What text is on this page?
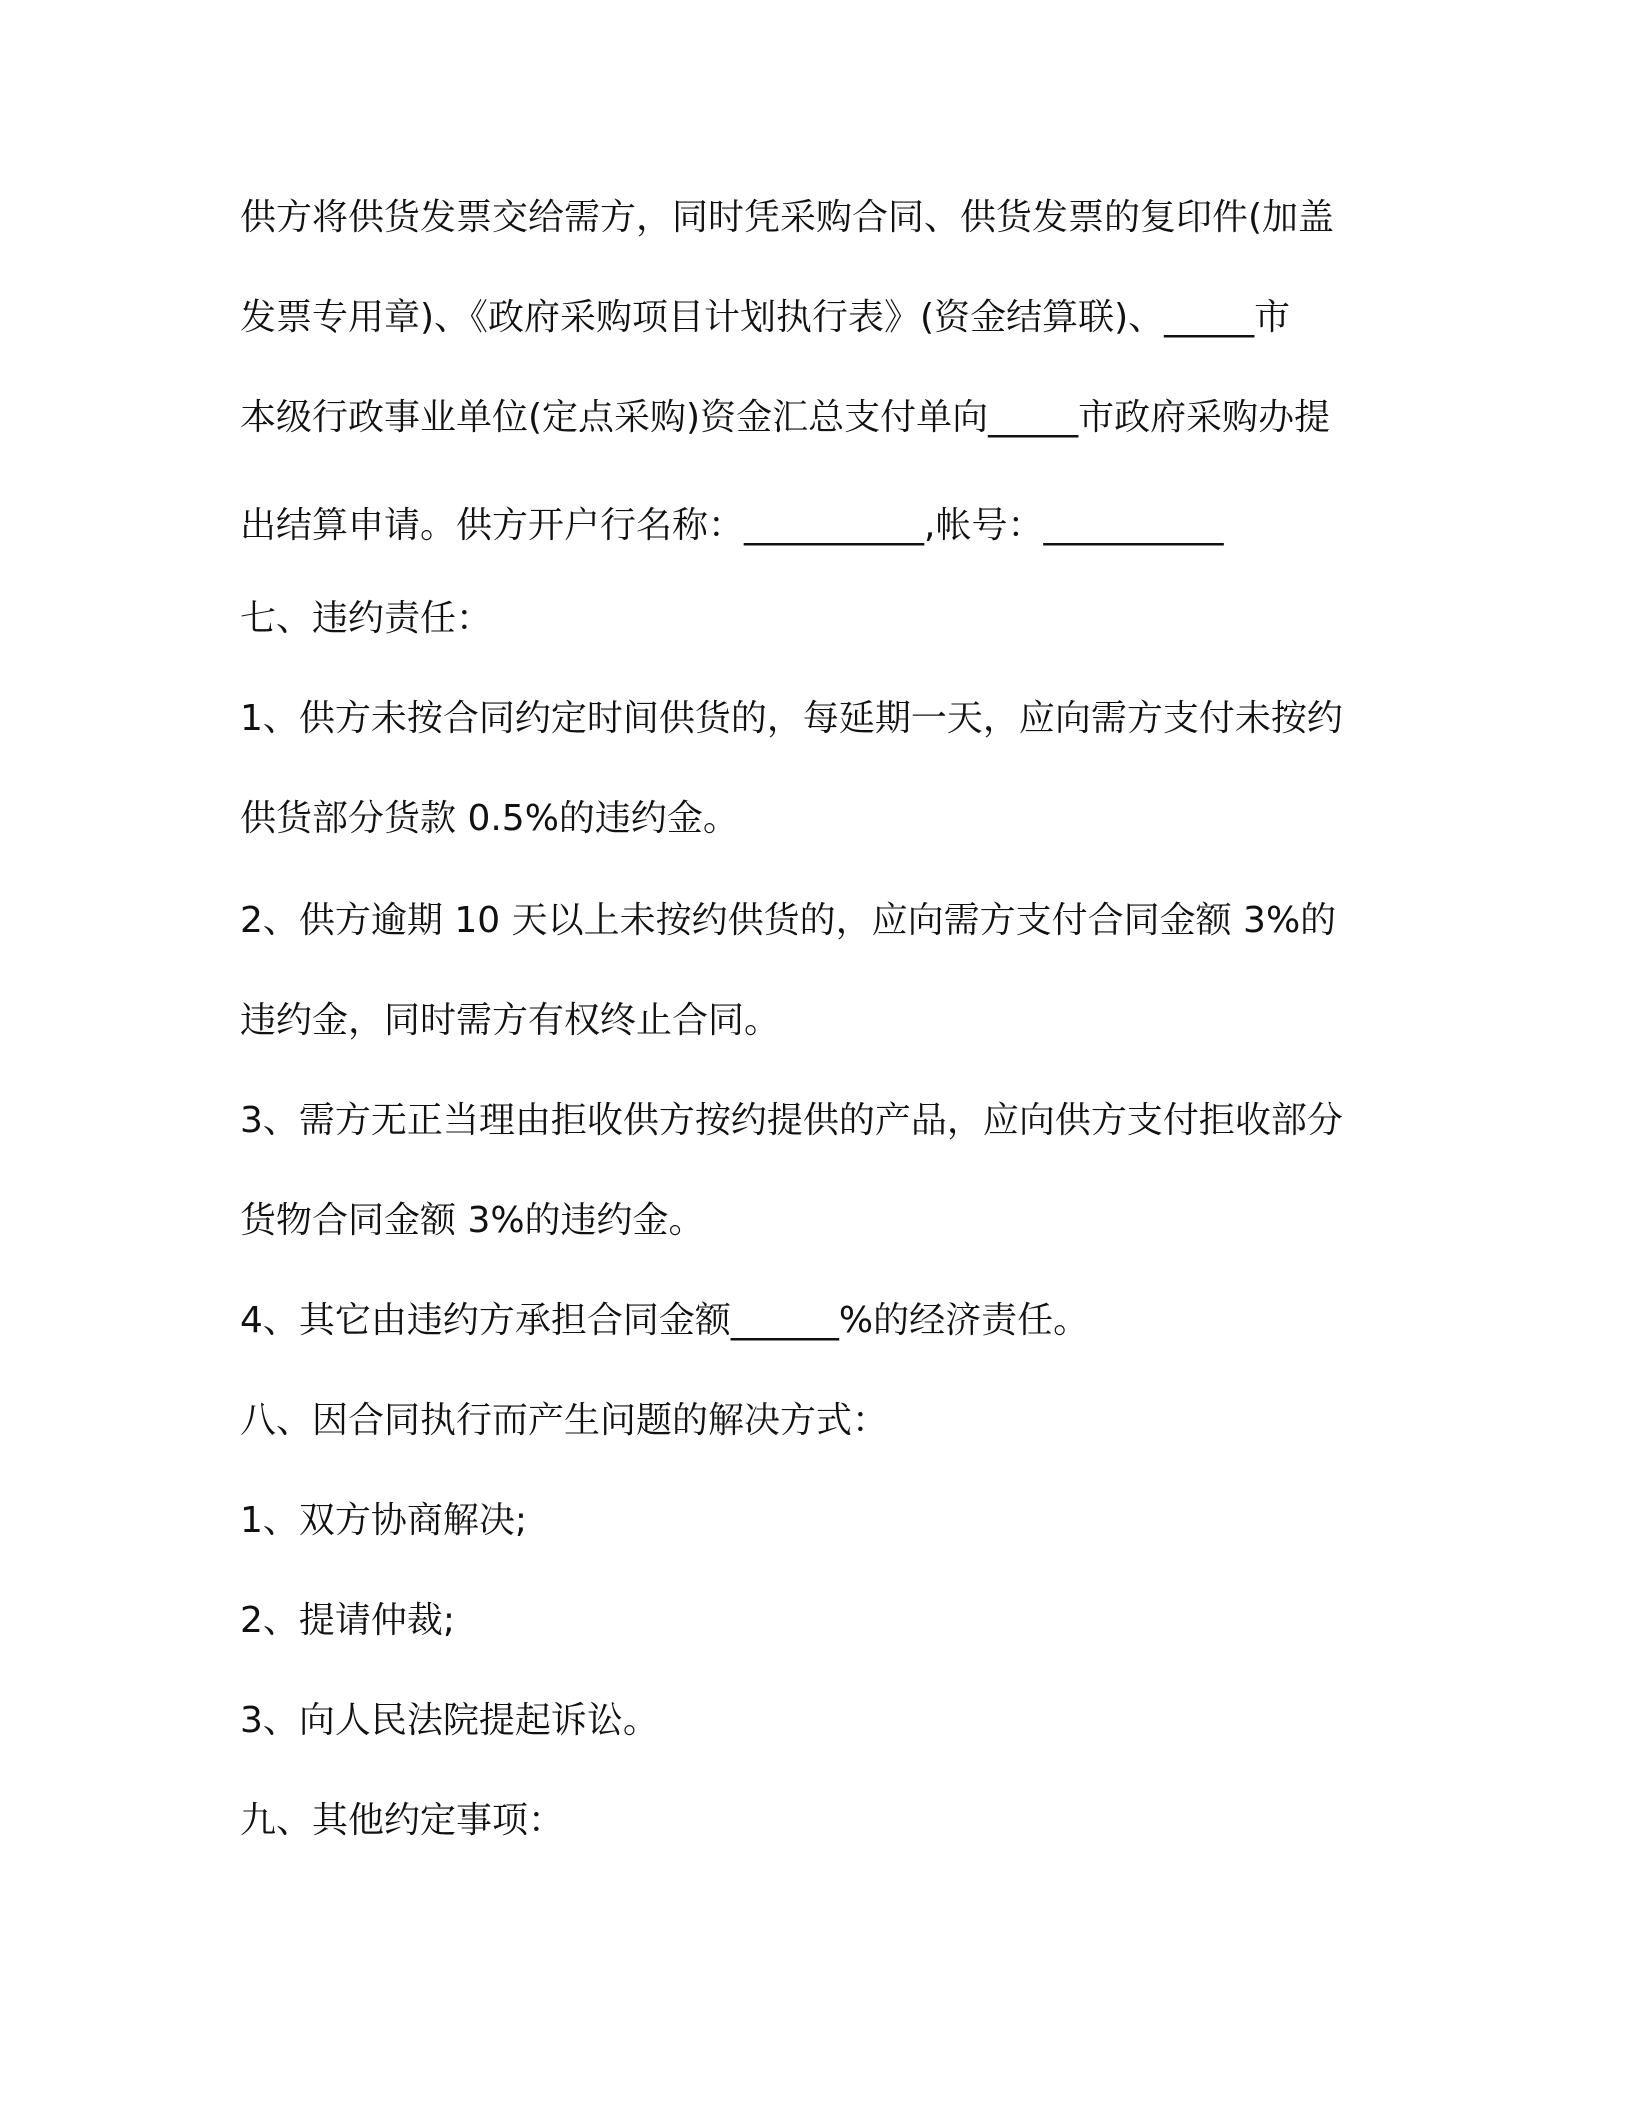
供方将供货发票交给需方，同时凭采购合同、供货发票的复印件(加盖
发票专用章)、《政府采购项目计划执行表》(资金结算联)、_____市
本级行政事业单位(定点采购)资金汇总支付单向_____市政府采购办提
出结算申请。供方开户行名称：__________,帐号：__________
七、违约责任：
1、供方未按合同约定时间供货的，每延期一天，应向需方支付未按约
供货部分货款 0.5%的违约金。
2、供方逾期 10 天以上未按约供货的，应向需方支付合同金额 3%的
违约金，同时需方有权终止合同。
3、需方无正当理由拒收供方按约提供的产品，应向供方支付拒收部分
货物合同金额 3%的违约金。
4、其它由违约方承担合同金额______%的经济责任。
八、因合同执行而产生问题的解决方式：
1、双方协商解决;
2、提请仲裁;
3、向人民法院提起诉讼。
九、其他约定事项：
